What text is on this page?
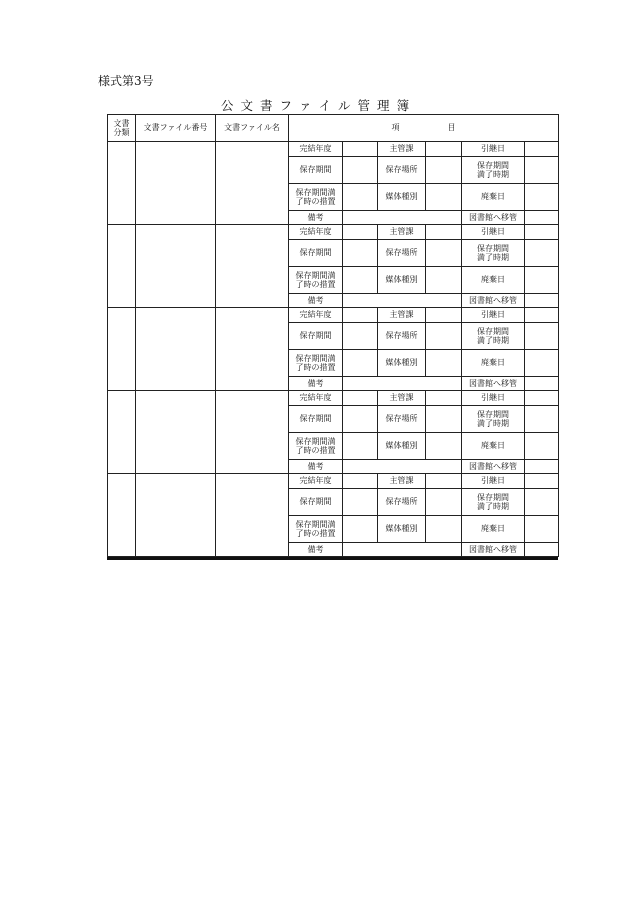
様式第3号
公 文 書 フ ァ イ ル 管 理 簿
文書
分類	文書ファイル番号	文書ファイル名	項 目					
			完結年度		主管課		引継日	
			保存期間		保存場所		保存期間
満了時期	
			保存期間満
了時の措置		媒体種別		廃棄日	
			備考				図書館へ移管	
			完結年度		主管課		引継日	
			保存期間		保存場所		保存期間
満了時期	
			保存期間満
了時の措置		媒体種別		廃棄日	
			備考				図書館へ移管	
			完結年度		主管課		引継日	
			保存期間		保存場所		保存期間
満了時期	
			保存期間満
了時の措置		媒体種別		廃棄日	
			備考				図書館へ移管	
			完結年度		主管課		引継日	
			保存期間		保存場所		保存期間
満了時期	
			保存期間満
了時の措置		媒体種別		廃棄日	
			備考				図書館へ移管	
			完結年度		主管課		引継日	
			保存期間		保存場所		保存期間
満了時期	
			保存期間満
了時の措置		媒体種別		廃棄日	
			備考				図書館へ移管	
